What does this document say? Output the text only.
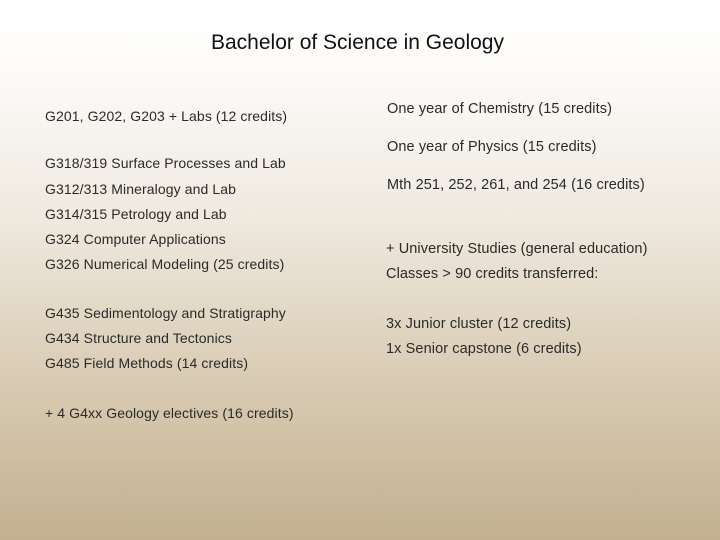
Bachelor of Science in Geology
G201, G202, G203 + Labs (12 credits)
G318/319 Surface Processes and Lab
G312/313 Mineralogy and Lab
G314/315 Petrology and Lab
G324 Computer Applications
G326 Numerical Modeling (25 credits)
G435 Sedimentology and Stratigraphy
G434 Structure and Tectonics
G485 Field Methods (14 credits)
+ 4 G4xx Geology electives (16 credits)
One year of Chemistry (15 credits)
One year of Physics (15 credits)
Mth 251, 252, 261, and 254 (16 credits)
+ University Studies (general education)
Classes > 90 credits transferred:
3x Junior cluster (12 credits)
1x Senior capstone (6 credits)
